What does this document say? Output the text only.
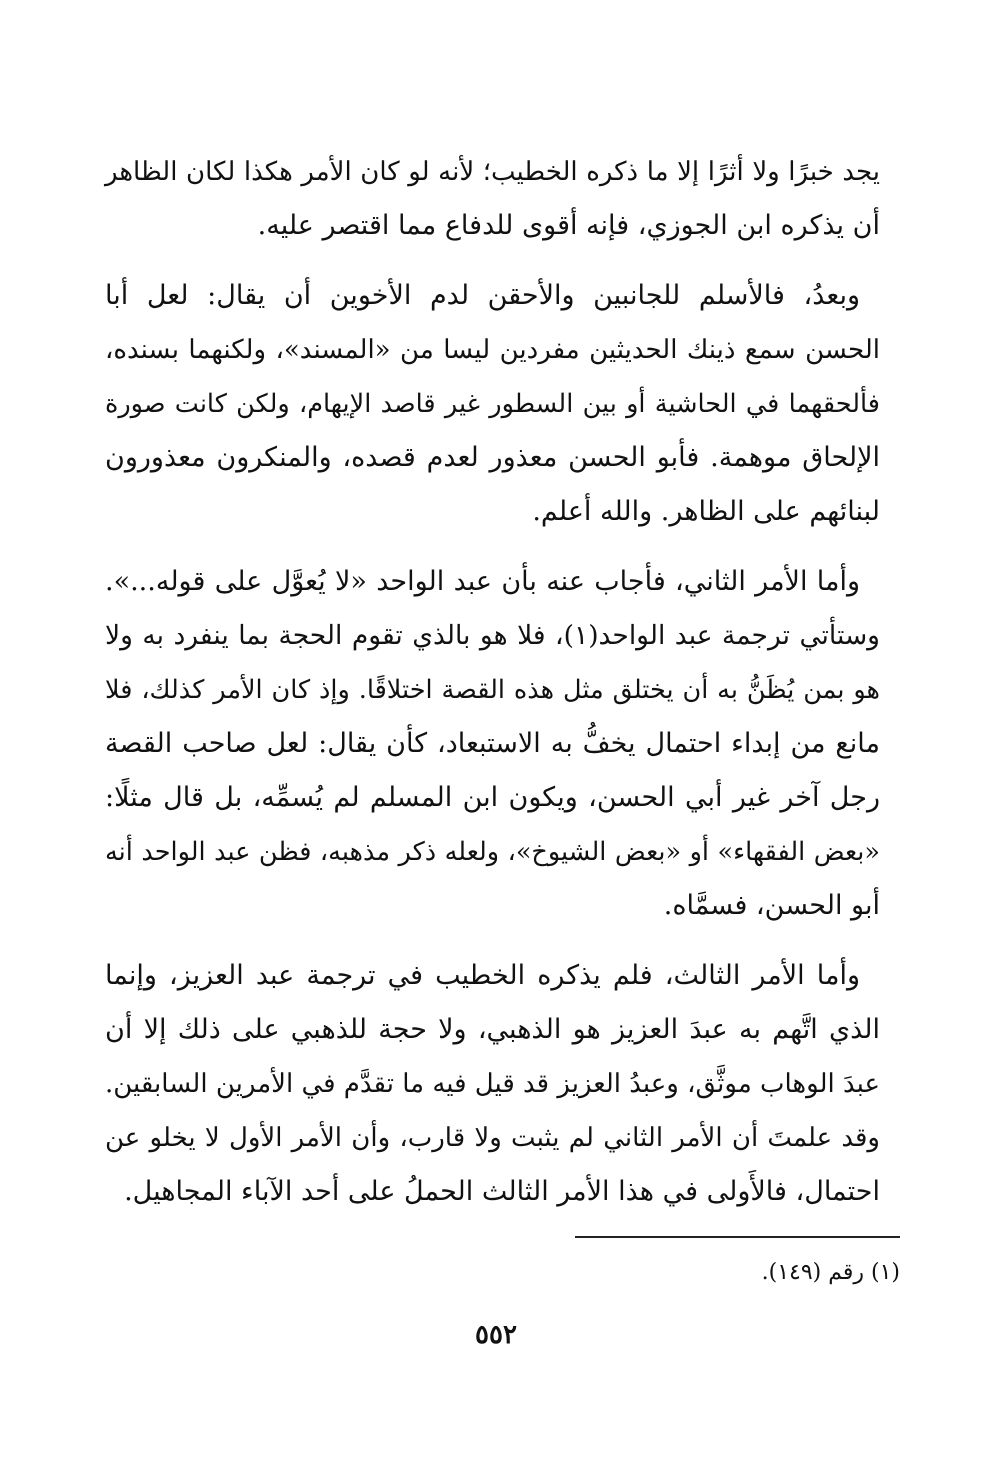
يجد خبرًا ولا أثرًا إلا ما ذكره الخطيب؛ لأنه لو كان الأمر هكذا لكان الظاهر
أن يذكره ابن الجوزي، فإنه أقوى للدفاع مما اقتصر عليه.

وبعدُ، فالأسلم للجانبين والأحقن لدم الأخوين أن يقال: لعل أبا
الحسن سمع ذينك الحديثين مفردين ليسا من «المسند»، ولكنهما بسنده،
فألحقهما في الحاشية أو بين السطور غير قاصد الإيهام، ولكن كانت صورة
الإلحاق موهمة. فأبو الحسن معذور لعدم قصده، والمنكرون معذورون
لبنائهم على الظاهر. والله أعلم.

وأما الأمر الثاني، فأجاب عنه بأن عبد الواحد «لا يُعوَّل على قوله...».
وستأتي ترجمة عبد الواحد(١)، فلا هو بالذي تقوم الحجة بما ينفرد به ولا
هو بمن يُظَنُّ به أن يختلق مثل هذه القصة اختلاقًا. وإذ كان الأمر كذلك، فلا
مانع من إبداء احتمال يخفُّ به الاستبعاد، كأن يقال: لعل صاحب القصة
رجل آخر غير أبي الحسن، ويكون ابن المسلم لم يُسمِّه، بل قال مثلًا:
«بعض الفقهاء» أو «بعض الشيوخ»، ولعله ذكر مذهبه، فظن عبد الواحد أنه
أبو الحسن، فسمَّاه.

وأما الأمر الثالث، فلم يذكره الخطيب في ترجمة عبد العزيز، وإنما
الذي اتَّهم به عبدَ العزيز هو الذهبي، ولا حجة للذهبي على ذلك إلا أن
عبدَ الوهاب موثَّق، وعبدُ العزيز قد قيل فيه ما تقدَّم في الأمرين السابقين.
وقد علمتَ أن الأمر الثاني لم يثبت ولا قارب، وأن الأمر الأول لا يخلو عن
احتمال، فالأَولى في هذا الأمر الثالث الحملُ على أحد الآباء المجاهيل.

(١) رقم (١٤٩).
٥٥٢
